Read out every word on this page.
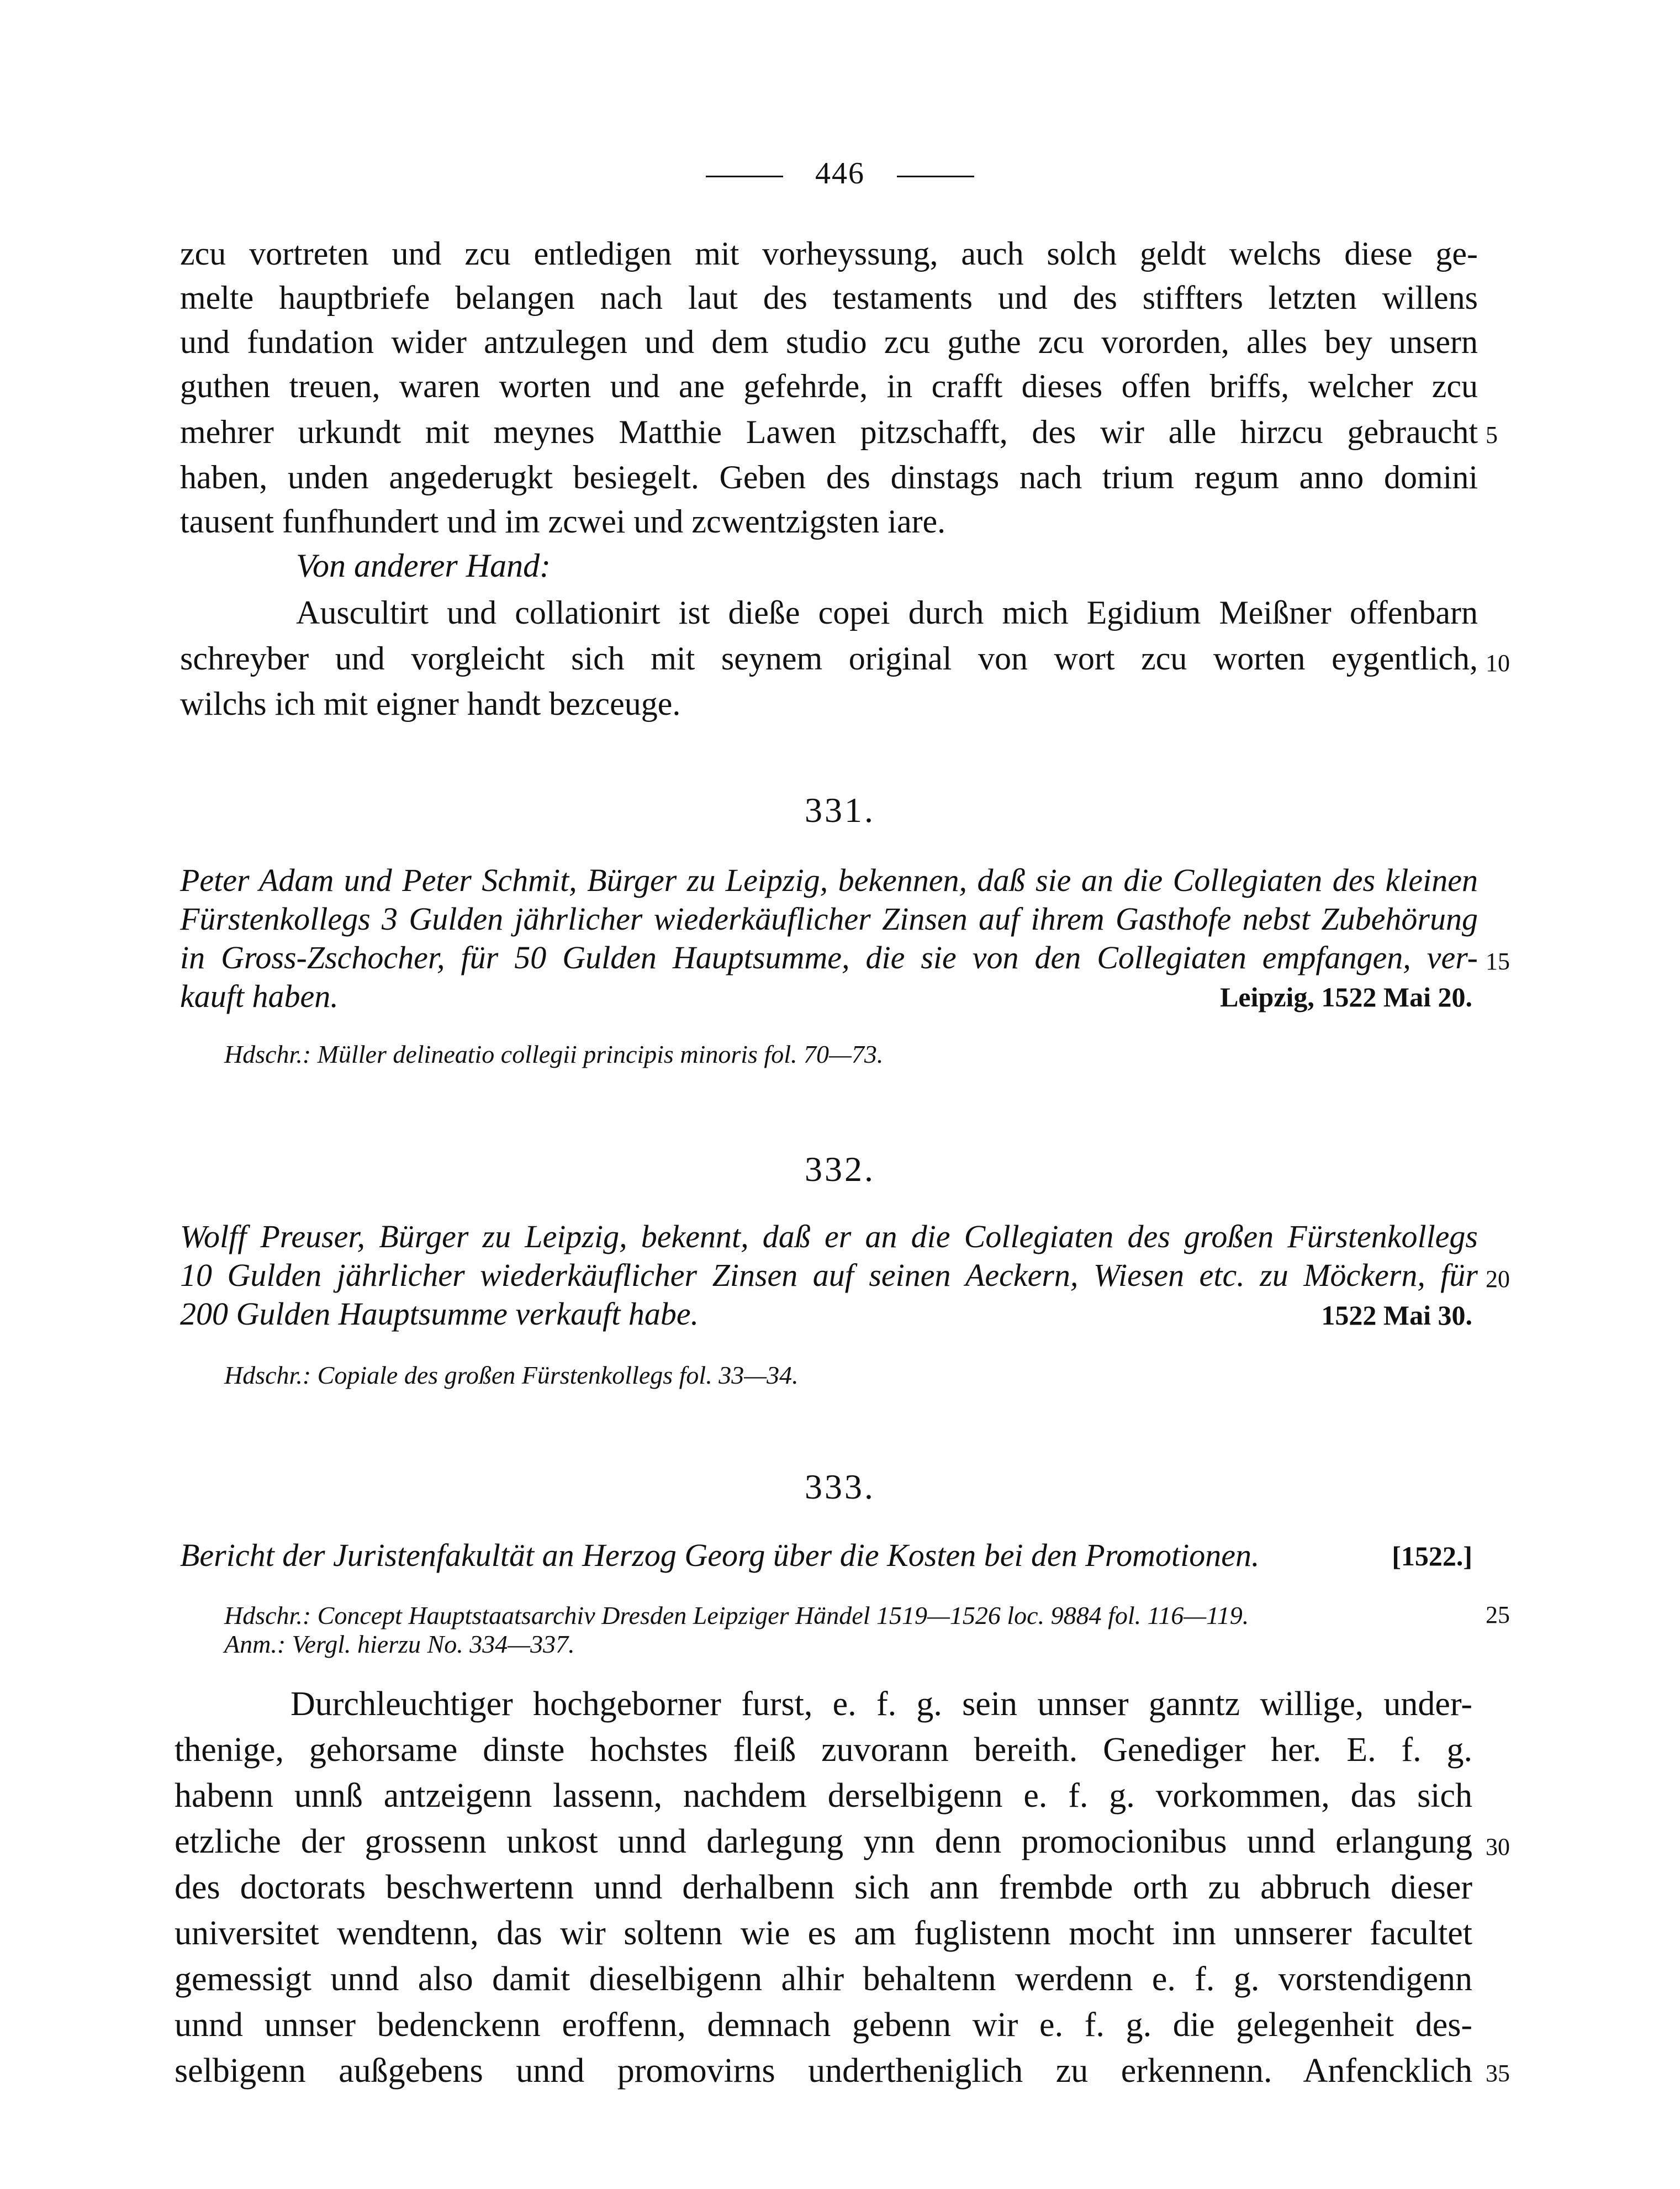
446
zcu vortreten und zcu entledigen mit vorheyssung, auch solch geldt welchs diese ge-
melte hauptbriefe belangen nach laut des testaments und des stiffters letzten willens
und fundation wider antzulegen und dem studio zcu guthe zcu vororden, alles bey unsern
guthen treuen, waren worten und ane gefehrde, in crafft dieses offen briffs, welcher zcu
mehrer urkundt mit meynes Matthie Lawen pitzschafft, des wir alle hirzcu gebraucht 5
haben, unden angederugkt besiegelt. Geben des dinstags nach trium regum anno domini
tausent funfhundert und im zcwei und zcwentzigsten iare.
Von anderer Hand:
Auscultirt und collationirt ist dieße copei durch mich Egidium Meißner offenbarn
schreyber und vorgleicht sich mit seynem original von wort zcu worten eygentlich, 10
wilchs ich mit eigner handt bezceuge.
331.
Peter Adam und Peter Schmit, Bürger zu Leipzig, bekennen, daß sie an die Collegiaten des kleinen
Fürstenkollegs 3 Gulden jährlicher wiederkäuflicher Zinsen auf ihrem Gasthofe nebst Zubehörung
in Gross-Zschocher, für 50 Gulden Hauptsumme, die sie von den Collegiaten empfangen, ver- 15
kauft haben.	Leipzig, 1522 Mai 20.
Hdschr.: Müller delineatio collegii principis minoris fol. 70—73.
332.
Wolff Preuser, Bürger zu Leipzig, bekennt, daß er an die Collegiaten des großen Fürstenkollegs
10 Gulden jährlicher wiederkäuflicher Zinsen auf seinen Aeckern, Wiesen etc. zu Möckern, für 20
200 Gulden Hauptsumme verkauft habe.	1522 Mai 30.
Hdschr.: Copiale des großen Fürstenkollegs fol. 33—34.
333.
Bericht der Juristenfakultät an Herzog Georg über die Kosten bei den Promotionen.	[1522.]
Hdschr.: Concept Hauptstaatsarchiv Dresden Leipziger Händel 1519—1526 loc. 9884 fol. 116—119.	25
Anm.: Vergl. hierzu No. 334—337.
Durchleuchtiger hochgeborner furst, e. f. g. sein unnser ganntz willige, under-
thenige, gehorsame dinste hochstes fleiß zuvorann bereith. Genediger her. E. f. g.
habenn unnß antzeigenn lassenn, nachdem derselbigenn e. f. g. vorkommen, das sich
etzliche der grossenn unkost unnd darlegung ynn denn promocionibus unnd erlangung 30
des doctorats beschwertenn unnd derhalbenn sich ann frembde orth zu abbruch dieser
universitet wendtenn, das wir soltenn wie es am fuglistenn mocht inn unnserer facultet
gemessigt unnd also damit dieselbigenn alhir behaltenn werdenn e. f. g. vorstendigenn
unnd unnser bedenckenn eroffenn, demnach gebenn wir e. f. g. die gelegenheit des-
selbigenn außgebens unnd promovirns undertheniglich zu erkennenn. Anfencklich 35
